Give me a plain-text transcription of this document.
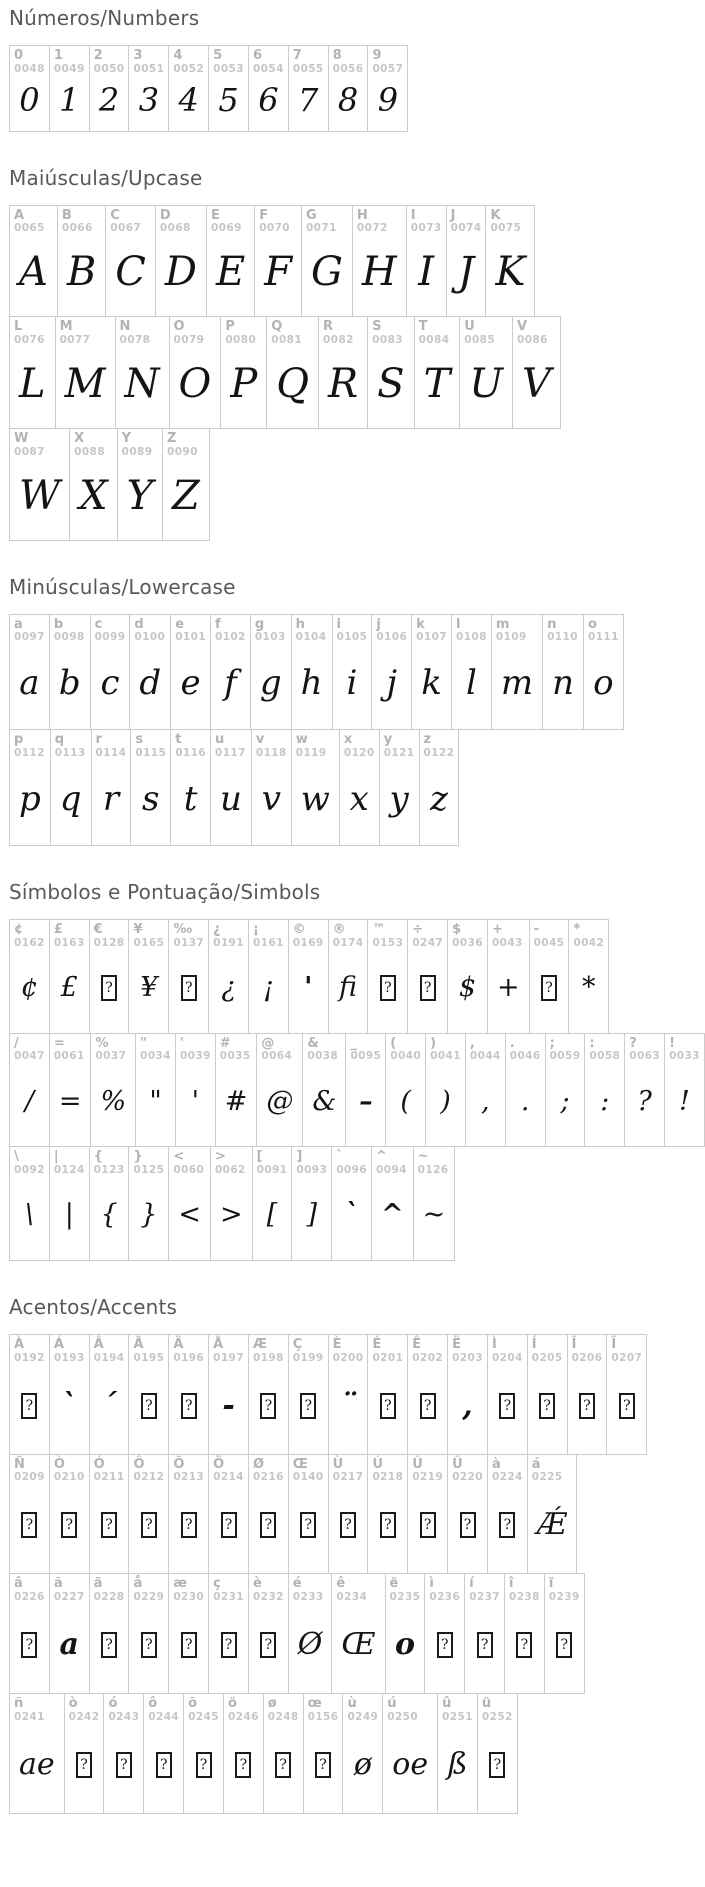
Números/Numbers
0
0048
0
1
0049
1
2
0050
2
3
0051
3
4
0052
4
5
0053
5
6
0054
6
7
0055
7
8
0056
8
9
0057
9
Maiúsculas/Upcase
A
0065
A
B
0066
B
C
0067
C
D
0068
D
E
0069
E
F
0070
F
G
0071
G
H
0072
H
I
0073
I
J
0074
J
K
0075
K
L
0076
L
M
0077
M
N
0078
N
O
0079
O
P
0080
P
Q
0081
Q
R
0082
R
S
0083
S
T
0084
T
U
0085
U
V
0086
V
W
0087
W
X
0088
X
Y
0089
Y
Z
0090
Z
Minúsculas/Lowercase
a
0097
a
b
0098
b
c
0099
c
d
0100
d
e
0101
e
f
0102
f
g
0103
g
h
0104
h
i
0105
i
j
0106
j
k
0107
k
l
0108
l
m
0109
m
n
0110
n
o
0111
o
p
0112
p
q
0113
q
r
0114
r
s
0115
s
t
0116
t
u
0117
u
v
0118
v
w
0119
w
x
0120
x
y
0121
y
z
0122
z
Símbolos e Pontuação/Simbols
¢
0162
¢
£
0163
£
€
0128
?
¥
0165
¥
‰
0137
?
¿
0191
¿
¡
0161
¡
©
0169
'
®
0174
fi
™
0153
?
÷
0247
?
$
0036
$
+
0043
+
-
0045
?
*
0042
*
/
0047
/
=
0061
=
%
0037
%
"
0034
"
'
0039
'
#
0035
#
@
0064
@
&
0038
&
_
0095
–
(
0040
(
)
0041
)
,
0044
,
.
0046
.
;
0059
;
:
0058
:
?
0063
?
!
0033
!
\
0092
\
|
0124
|
{
0123
{
}
0125
}
<
0060
<
>
0062
>
[
0091
[
]
0093
]
`
0096
`
^
0094
^
~
0126
~
Acentos/Accents
À
0192
?
Á
0193
`
Â
0194
´
Ã
0195
?
Ä
0196
?
Å
0197
-
Æ
0198
?
Ç
0199
?
È
0200
¨
É
0201
?
Ê
0202
?
Ë
0203
,
Ì
0204
?
Í
0205
?
Î
0206
?
Ï
0207
?
Ñ
0209
?
Ò
0210
?
Ó
0211
?
Ô
0212
?
Õ
0213
?
Ö
0214
?
Ø
0216
?
Œ
0140
?
Ù
0217
?
Ú
0218
?
Û
0219
?
Ü
0220
?
à
0224
?
á
0225
Ǽ
â
0226
?
ã
0227
a
ä
0228
?
å
0229
?
æ
0230
?
ç
0231
?
è
0232
?
é
0233
Ø
ê
0234
Œ
ë
0235
o
ì
0236
?
í
0237
?
î
0238
?
ï
0239
?
ñ
0241
ae
ò
0242
?
ó
0243
?
ô
0244
?
õ
0245
?
ö
0246
?
ø
0248
?
œ
0156
?
ù
0249
ø
ú
0250
oe
û
0251
ß
ü
0252
?
